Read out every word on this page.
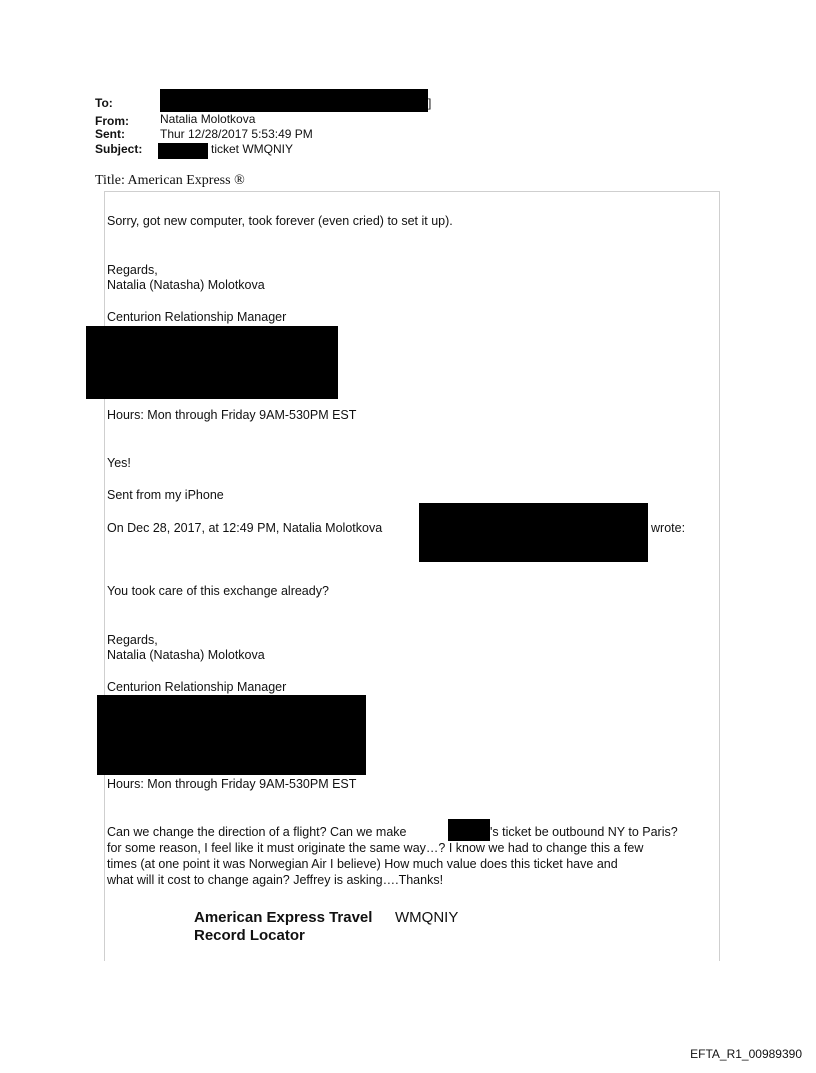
To:	]
From:	Natalia Molotkova
Sent:	Thur 12/28/2017 5:53:49 PM
Subject:	ticket WMQNIY
Title: American Express ®
Sorry, got new computer, took forever (even cried) to set it up).
Regards,
Natalia (Natasha) Molotkova
Centurion Relationship Manager
Hours: Mon through Friday 9AM-530PM EST
Yes!
Sent from my iPhone
On Dec 28, 2017, at 12:49 PM, Natalia Molotkova	wrote:
You took care of this exchange already?
Regards,
Natalia (Natasha) Molotkova
Centurion Relationship Manager
Hours: Mon through Friday 9AM-530PM EST
Can we change the direction of a flight? Can we make	's ticket be outbound NY to Paris?
for some reason, I feel like it must originate the same way…? I know we had to change this a few
times (at one point it was Norwegian Air I believe) How much value does this ticket have and
what will it cost to change again? Jeffrey is asking….Thanks!
American Express Travel WMQNIY
Record Locator
EFTA_R1_00989390
